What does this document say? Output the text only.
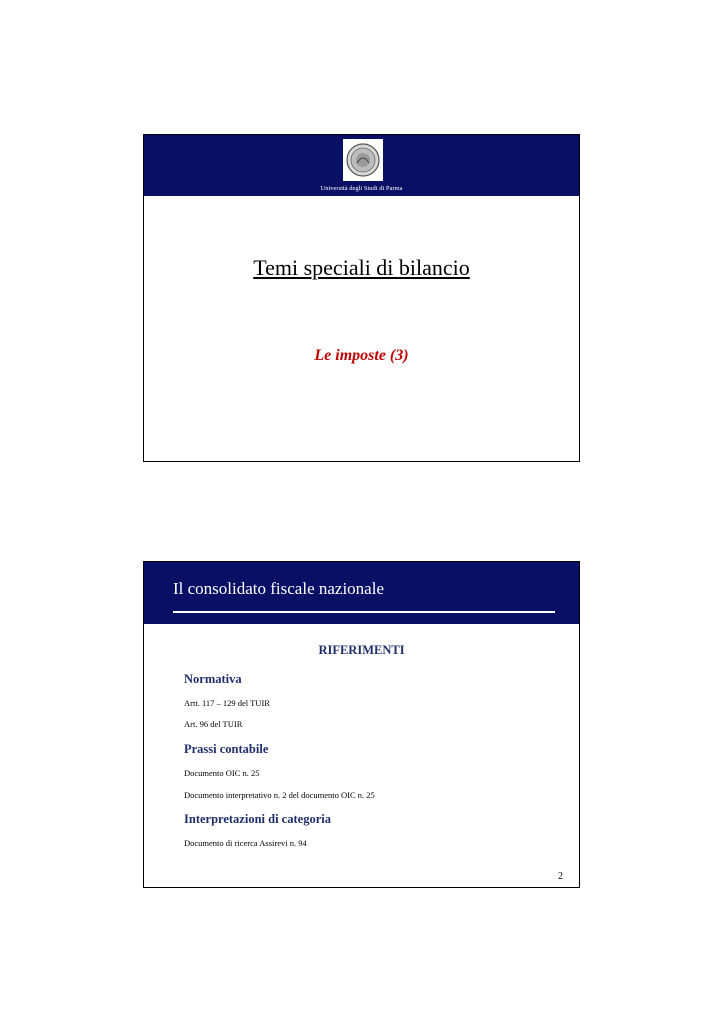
Università degli Studi di Parma
Temi speciali di bilancio
Le imposte (3)
Il consolidato fiscale nazionale
RIFERIMENTI
Normativa
Artt. 117 – 129 del TUIR
Art. 96 del TUIR
Prassi contabile
Documento OIC n. 25
Documento interpretativo n. 2 del documento OIC n. 25
Interpretazioni di categoria
Documento di ricerca Assirevi n. 94
2
